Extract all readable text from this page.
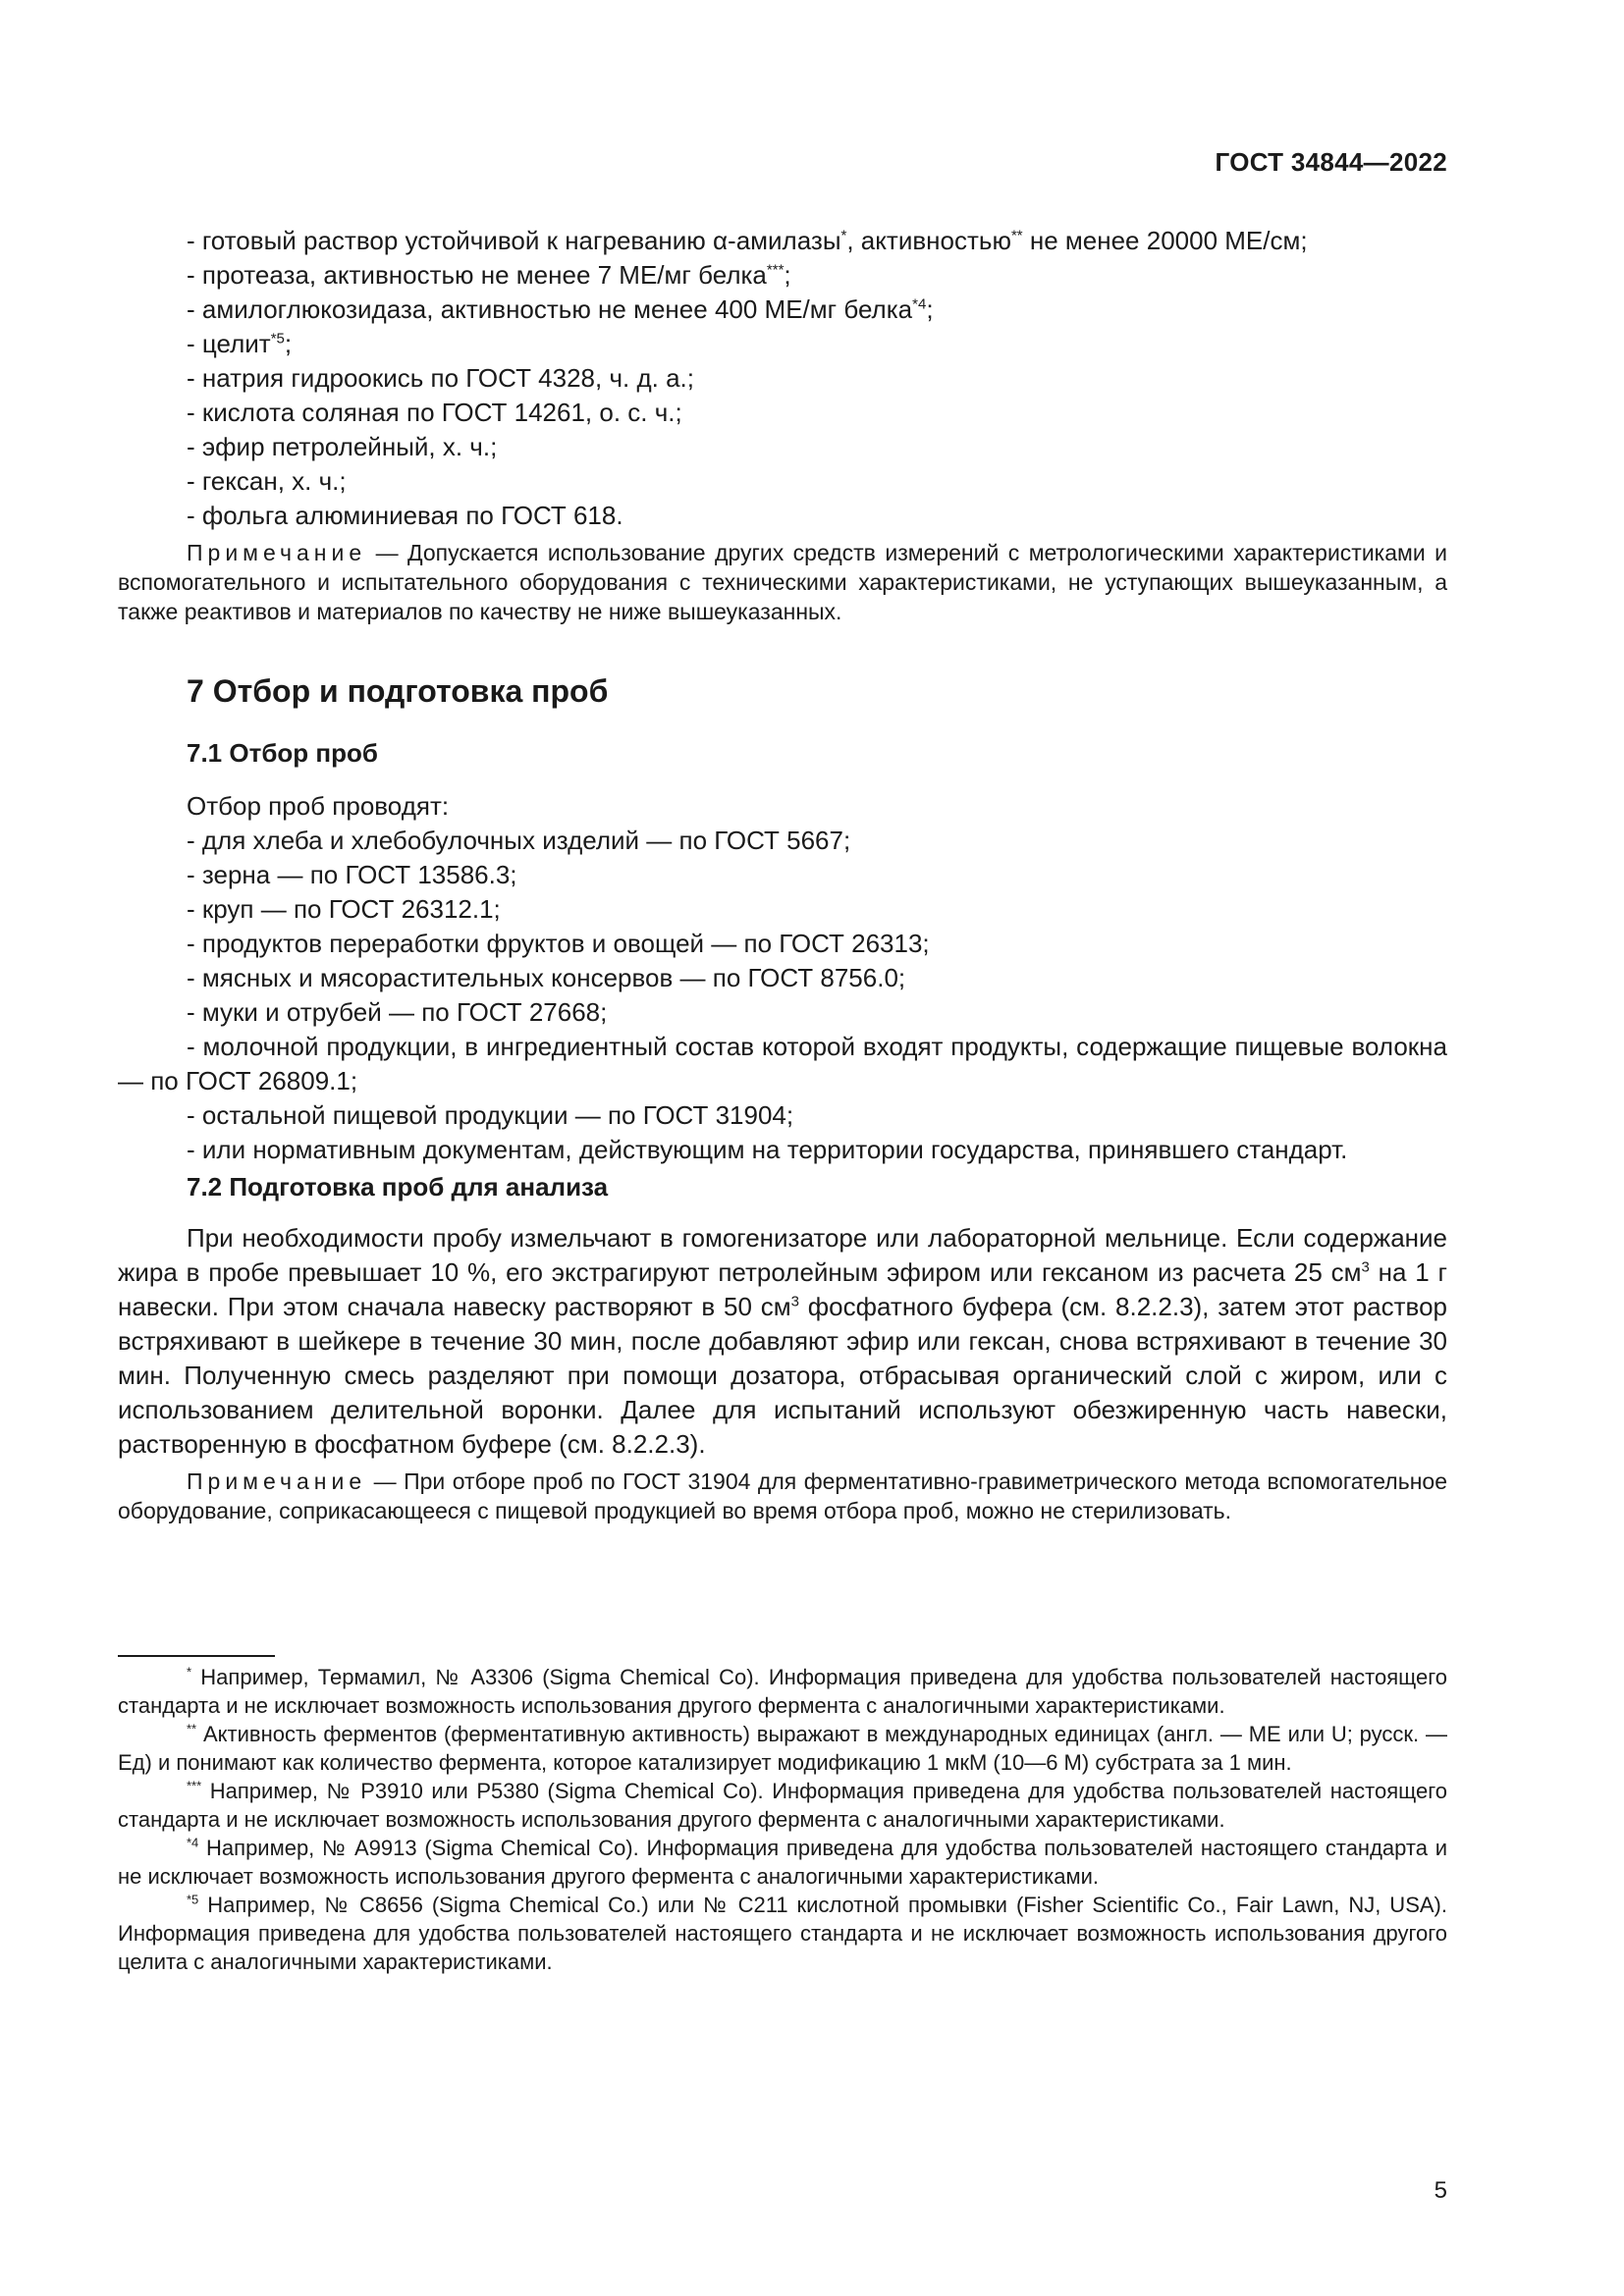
ГОСТ 34844—2022

- готовый раствор устойчивой к нагреванию α-амилазы*, активностью** не менее 20000 МЕ/см;

- протеаза, активностью не менее 7 МЕ/мг белка***;

- амилоглюкозидаза, активностью не менее 400 МЕ/мг белка$^{*4}$;

- целит$^{*5}$;

- натрия гидроокись по ГОСТ 4328, ч. д. а.;

- кислота соляная по ГОСТ 14261, о. с. ч.;

- эфир петролейный, х. ч.;

- гексан, х. ч.;

- фольга алюминиевая по ГОСТ 618.

Примечание — Допускается использование других средств измерений с метрологическими характеристиками и вспомогательного и испытательного оборудования с техническими характеристиками, не уступающих вышеуказанным, а также реактивов и материалов по качеству не ниже вышеуказанных.

7 Отбор и подготовка проб
7.1 Отбор проб

Отбор проб проводят:

- для хлеба и хлебобулочных изделий — по ГОСТ 5667;

- зерна — по ГОСТ 13586.3;

- круп — по ГОСТ 26312.1;

- продуктов переработки фруктов и овощей — по ГОСТ 26313;

- мясных и мясорастительных консервов — по ГОСТ 8756.0;

- муки и отрубей — по ГОСТ 27668;

- молочной продукции, в ингредиентный состав которой входят продукты, содержащие пищевые волокна — по ГОСТ 26809.1;

- остальной пищевой продукции — по ГОСТ 31904;

- или нормативным документам, действующим на территории государства, принявшего стандарт.

7.2 Подготовка проб для анализа

При необходимости пробу измельчают в гомогенизаторе или лабораторной мельнице. Если содержание жира в пробе превышает 10 %, его экстрагируют петролейным эфиром или гексаном из расчета 25 $см^3$ на 1 г навески. При этом сначала навеску растворяют в 50 $см^3$ фосфатного буфера (см. 8.2.2.3), затем этот раствор встряхивают в шейкере в течение 30 мин, после добавляют эфир или гексан, снова встряхивают в течение 30 мин. Полученную смесь разделяют при помощи дозатора, отбрасывая органический слой с жиром, или с использованием делительной воронки. Далее для испытаний используют обезжиренную часть навески, растворенную в фосфатном буфере (см. 8.2.2.3).

Примечание — При отборе проб по ГОСТ 31904 для ферментативно-гравиметрического метода вспомогательное оборудование, соприкасающееся с пищевой продукцией во время отбора проб, можно не стерилизовать.

* Например, Термамил, № А3306 (Sigma Chemical Co). Информация приведена для удобства пользователей настоящего стандарта и не исключает возможность использования другого фермента с аналогичными характеристиками.

** Активность ферментов (ферментативную активность) выражают в международных единицах (англ. — МЕ или U; русск. — Ед) и понимают как количество фермента, которое катализирует модификацию 1 мкМ (10—6 М) субстрата за 1 мин.

*** Например, № Р3910 или Р5380 (Sigma Chemical Co). Информация приведена для удобства пользователей настоящего стандарта и не исключает возможность использования другого фермента с аналогичными характеристиками.

$^{*4}$ Например, № А9913 (Sigma Chemical Co). Информация приведена для удобства пользователей настоящего стандарта и не исключает возможность использования другого фермента с аналогичными характеристиками.

$^{*5}$ Например, № C8656 (Sigma Chemical Co.) или № C211 кислотной промывки (Fisher Scientific Co., Fair Lawn, NJ, USA). Информация приведена для удобства пользователей настоящего стандарта и не исключает возможность использования другого целита с аналогичными характеристиками.

5
